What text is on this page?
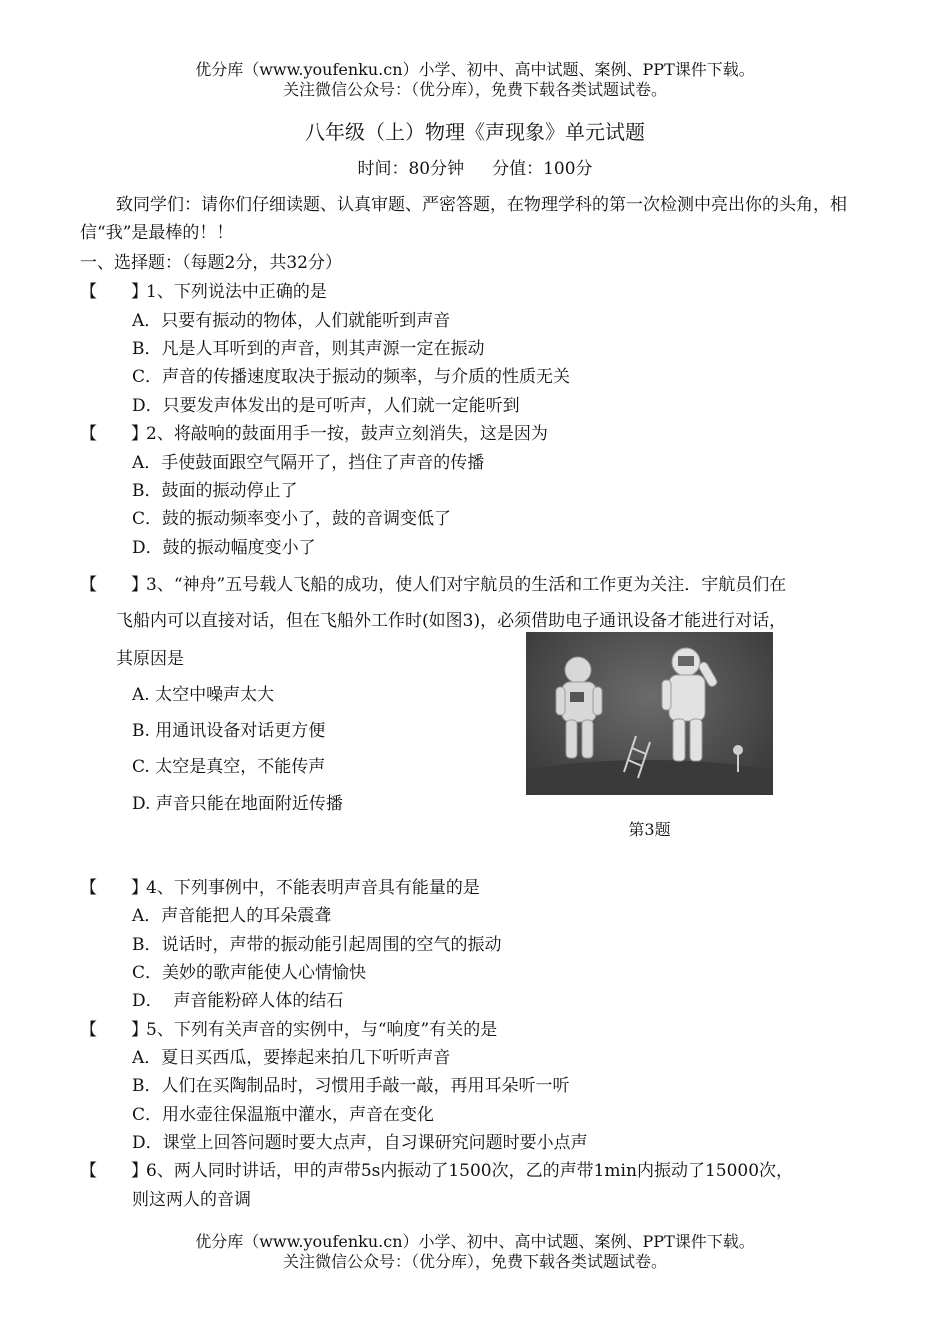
优分库（www.youfenku.cn）小学、初中、高中试题、案例、PPT课件下载。
关注微信公众号：（优分库），免费下载各类试题试卷。
八年级（上）物理《声现象》单元试题
时间：80分钟 分值：100分
致同学们：请你们仔细读题、认真审题、严密答题，在物理学科的第一次检测中亮出你的头角，相信“我”是最棒的！！
一、选择题：（每题2分，共32分）
【　　】1、下列说法中正确的是
A．只要有振动的物体，人们就能听到声音
B．凡是人耳听到的声音，则其声源一定在振动
C．声音的传播速度取决于振动的频率，与介质的性质无关
D．只要发声体发出的是可听声，人们就一定能听到
【　　】2、将敲响的鼓面用手一按，鼓声立刻消失，这是因为
A．手使鼓面跟空气隔开了，挡住了声音的传播
B．鼓面的振动停止了
C．鼓的振动频率变小了，鼓的音调变低了
D．鼓的振动幅度变小了
【　　】3、“神舟”五号载人飞船的成功，使人们对宇航员的生活和工作更为关注．宇航员们在
飞船内可以直接对话，但在飞船外工作时(如图3)，必须借助电子通讯设备才能进行对话，
其原因是
A. 太空中噪声太大
B. 用通讯设备对话更方便
C. 太空是真空，不能传声
D. 声音只能在地面附近传播
第3题
【　　】4、下列事例中，不能表明声音具有能量的是
A．声音能把人的耳朵震聋
B．说话时，声带的振动能引起周围的空气的振动
C．美妙的歌声能使人心情愉快
D．  声音能粉碎人体的结石
【　　】5、下列有关声音的实例中，与“响度”有关的是
A．夏日买西瓜，要捧起来拍几下听听声音
B．人们在买陶制品时，习惯用手敲一敲，再用耳朵听一听
C．用水壶往保温瓶中灌水，声音在变化
D．课堂上回答问题时要大点声，自习课研究问题时要小点声
【　　】6、两人同时讲话，甲的声带5s内振动了1500次，乙的声带1min内振动了15000次，
则这两人的音调
优分库（www.youfenku.cn）小学、初中、高中试题、案例、PPT课件下载。
关注微信公众号：（优分库），免费下载各类试题试卷。
